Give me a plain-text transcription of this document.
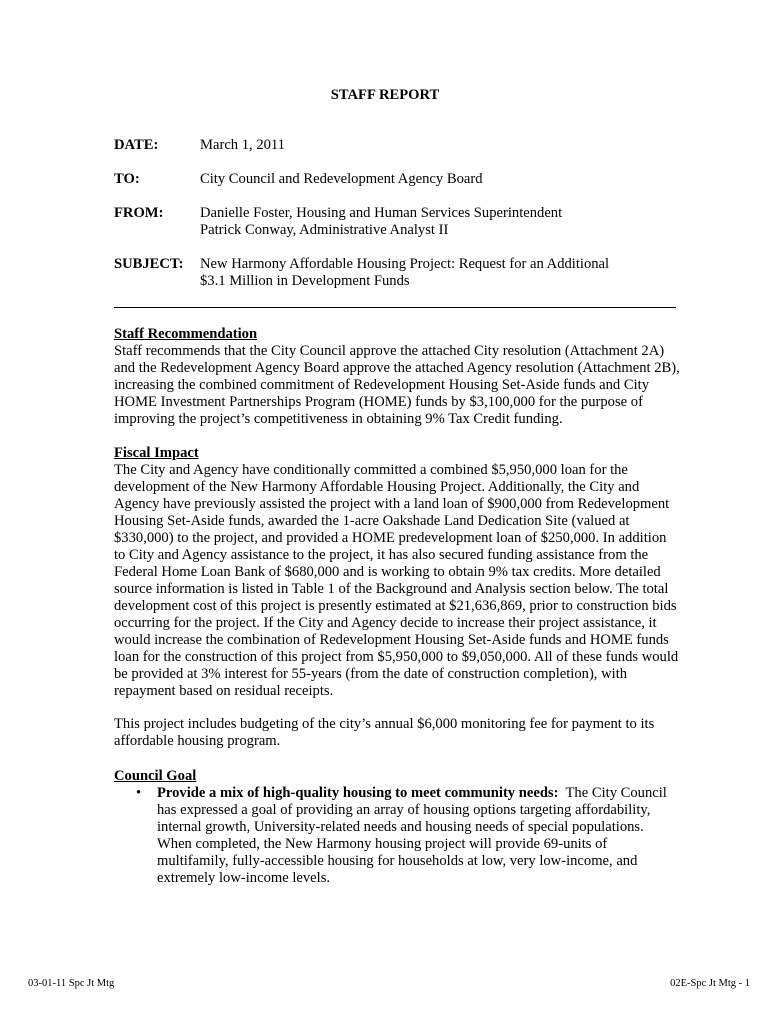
STAFF REPORT
DATE:	March 1, 2011
TO:	City Council and Redevelopment Agency Board
FROM:	Danielle Foster, Housing and Human Services Superintendent
Patrick Conway, Administrative Analyst II
SUBJECT: New Harmony Affordable Housing Project: Request for an Additional
$3.1 Million in Development Funds

Staff Recommendation

Staff recommends that the City Council approve the attached City resolution (Attachment 2A)
and the Redevelopment Agency Board approve the attached Agency resolution (Attachment 2B),
increasing the combined commitment of Redevelopment Housing Set-Aside funds and City
HOME Investment Partnerships Program (HOME) funds by $3,100,000 for the purpose of
improving the project’s competitiveness in obtaining 9% Tax Credit funding.

Fiscal Impact

The City and Agency have conditionally committed a combined $5,950,000 loan for the
development of the New Harmony Affordable Housing Project. Additionally, the City and
Agency have previously assisted the project with a land loan of $900,000 from Redevelopment
Housing Set-Aside funds, awarded the 1-acre Oakshade Land Dedication Site (valued at
$330,000) to the project, and provided a HOME predevelopment loan of $250,000. In addition
to City and Agency assistance to the project, it has also secured funding assistance from the
Federal Home Loan Bank of $680,000 and is working to obtain 9% tax credits. More detailed
source information is listed in Table 1 of the Background and Analysis section below. The total
development cost of this project is presently estimated at $21,636,869, prior to construction bids
occurring for the project. If the City and Agency decide to increase their project assistance, it
would increase the combination of Redevelopment Housing Set-Aside funds and HOME funds
loan for the construction of this project from $5,950,000 to $9,050,000. All of these funds would
be provided at 3% interest for 55-years (from the date of construction completion), with
repayment based on residual receipts.

This project includes budgeting of the city’s annual $6,000 monitoring fee for payment to its
affordable housing program.

Council Goal

• Provide a mix of high-quality housing to meet community needs:  The City Council
has expressed a goal of providing an array of housing options targeting affordability,
internal growth, University-related needs and housing needs of special populations.
When completed, the New Harmony housing project will provide 69-units of
multifamily, fully-accessible housing for households at low, very low-income, and
extremely low-income levels.
03-01-11 Spc Jt Mtg	02E-Spc Jt Mtg - 1
